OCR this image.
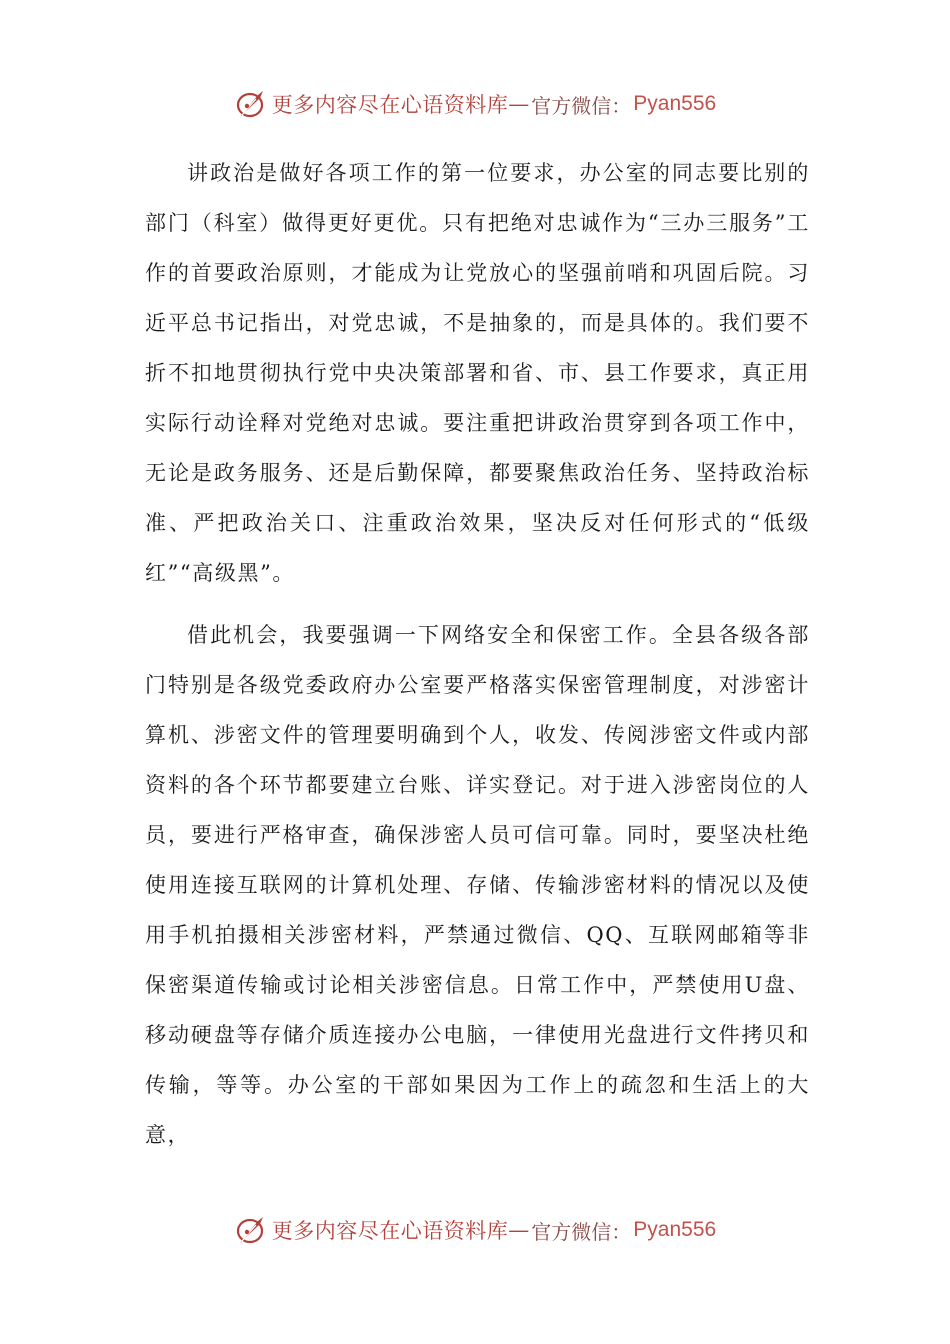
更多内容尽在心语资料库 — 官方微信： Pyan556

讲政治是做好各项工作的第一位要求，办公室的同志要比别的部门（科室）做得更好更优。只有把绝对忠诚作为“三办三服务”工作的首要政治原则，才能成为让党放心的坚强前哨和巩固后院。习近平总书记指出，对党忠诚，不是抽象的，而是具体的。我们要不折不扣地贯彻执行党中央决策部署和省、市、县工作要求，真正用实际行动诠释对党绝对忠诚。要注重把讲政治贯穿到各项工作中，无论是政务服务、还是后勤保障，都要聚焦政治任务、坚持政治标准、严把政治关口、注重政治效果，坚决反对任何形式的“低级红”“高级黑”。

借此机会，我要强调一下网络安全和保密工作。全县各级各部门特别是各级党委政府办公室要严格落实保密管理制度，对涉密计算机、涉密文件的管理要明确到个人，收发、传阅涉密文件或内部资料的各个环节都要建立台账、详实登记。对于进入涉密岗位的人员，要进行严格审查，确保涉密人员可信可靠。同时，要坚决杜绝使用连接互联网的计算机处理、存储、传输涉密材料的情况以及使用手机拍摄相关涉密材料，严禁通过微信、QQ、互联网邮箱等非保密渠道传输或讨论相关涉密信息。日常工作中，严禁使用U盘、移动硬盘等存储介质连接办公电脑，一律使用光盘进行文件拷贝和传输，等等。办公室的干部如果因为工作上的疏忽和生活上的大意，

更多内容尽在心语资料库 — 官方微信： Pyan556
